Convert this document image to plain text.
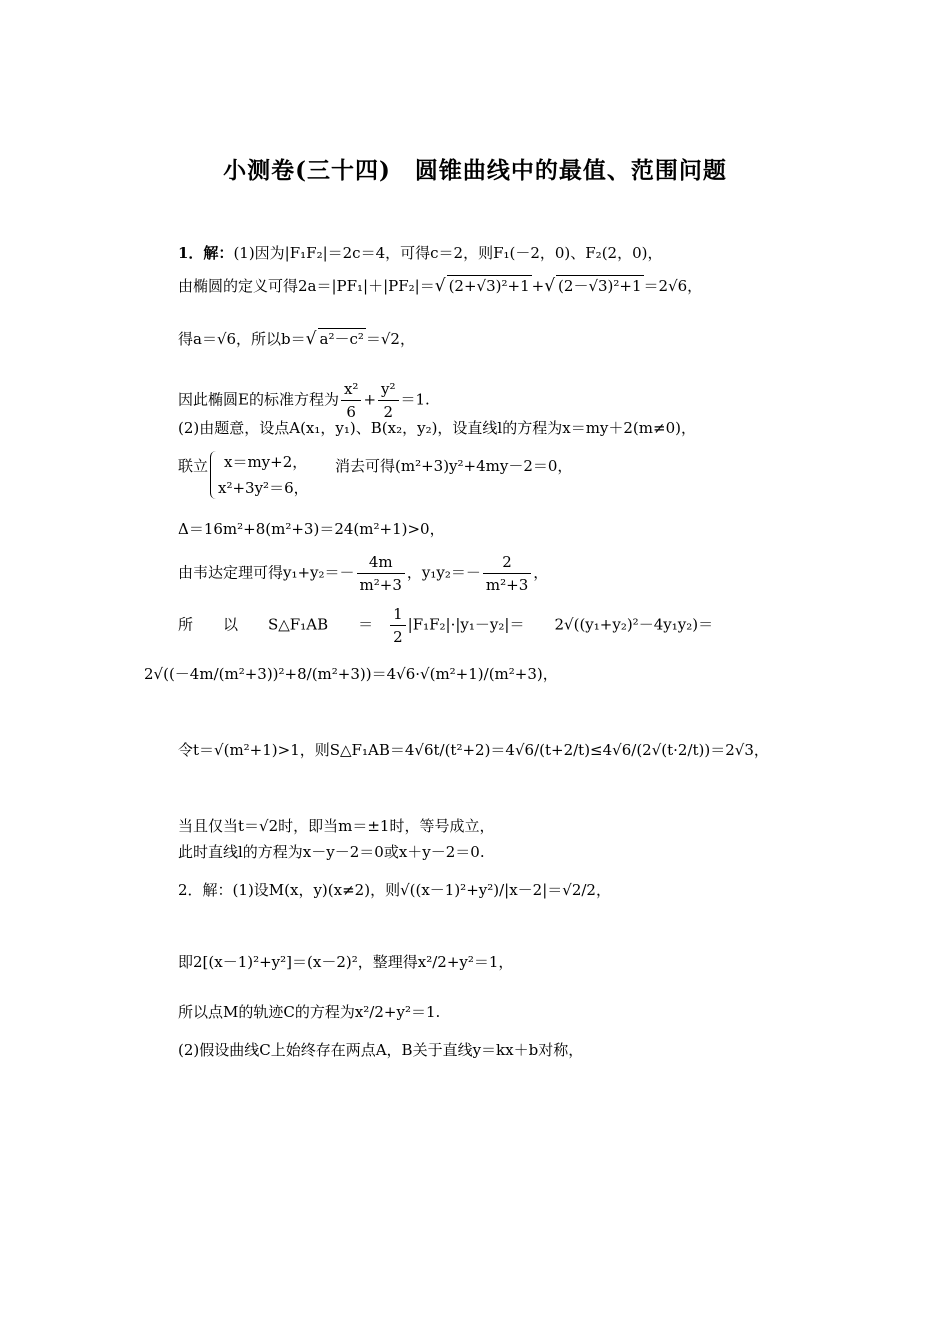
小测卷(三十四)　圆锥曲线中的最值、范围问题
1．解：(1)因为|F₁F₂|＝2c＝4，可得c＝2，则F₁(－2，0)、F₂(2，0)，
由椭圆的定义可得2a＝|PF₁|＋|PF₂|＝√ (2+√3)²+1 +√ (2－√3)²+1 ＝2√6，
得a＝√6，所以b＝√ a²－c² ＝√2，
因此椭圆E的标准方程为 $\frac{\text{x²}}{6} + \frac{\text{y²}}{2} =1$.
(2)由题意，设点A(x₁，y₁)、B(x₂，y₂)，设直线l的方程为x＝my＋2(m≠0)，
联立 x＝my+2，
x²+3y²＝6，
消去可得(m²+3)y²+4my－2＝0，
Δ＝16m²+8(m²+3)＝24(m²+1)>0，
由韦达定理可得$y_1+y_2=- \frac{4m}{\text{m²+3}}$ ，$y_1y_2=- \frac{2}{\text{m²+3}}$ ，
所　　以　　S△F₁AB　　＝　 $\frac{1}{2} |F_1F_2|\cdot|y_1-y_2|=$　　 2√((y₁+y₂)²－4y₁y₂)＝
2√((－4m/(m²+3))²+8/(m²+3))＝4√6·√(m²+1)/(m²+3)，
令t＝√(m²+1)>1，则S△F₁AB＝4√6t/(t²+2)＝4√6/(t+2/t)≤4√6/(2√(t·2/t))＝2√3，
当且仅当t＝√2时，即当m＝±1时，等号成立，
此时直线l的方程为x－y－2＝0或x＋y－2＝0.
2．解：(1)设M(x，y)(x≠2)，则√((x－1)²+y²)/|x－2|＝√2/2，
即2[(x－1)²+y²]＝(x－2)²，整理得x²/2+y²＝1，
所以点M的轨迹C的方程为x²/2+y²＝1.
(2)假设曲线C上始终存在两点A，B关于直线y＝kx＋b对称，
